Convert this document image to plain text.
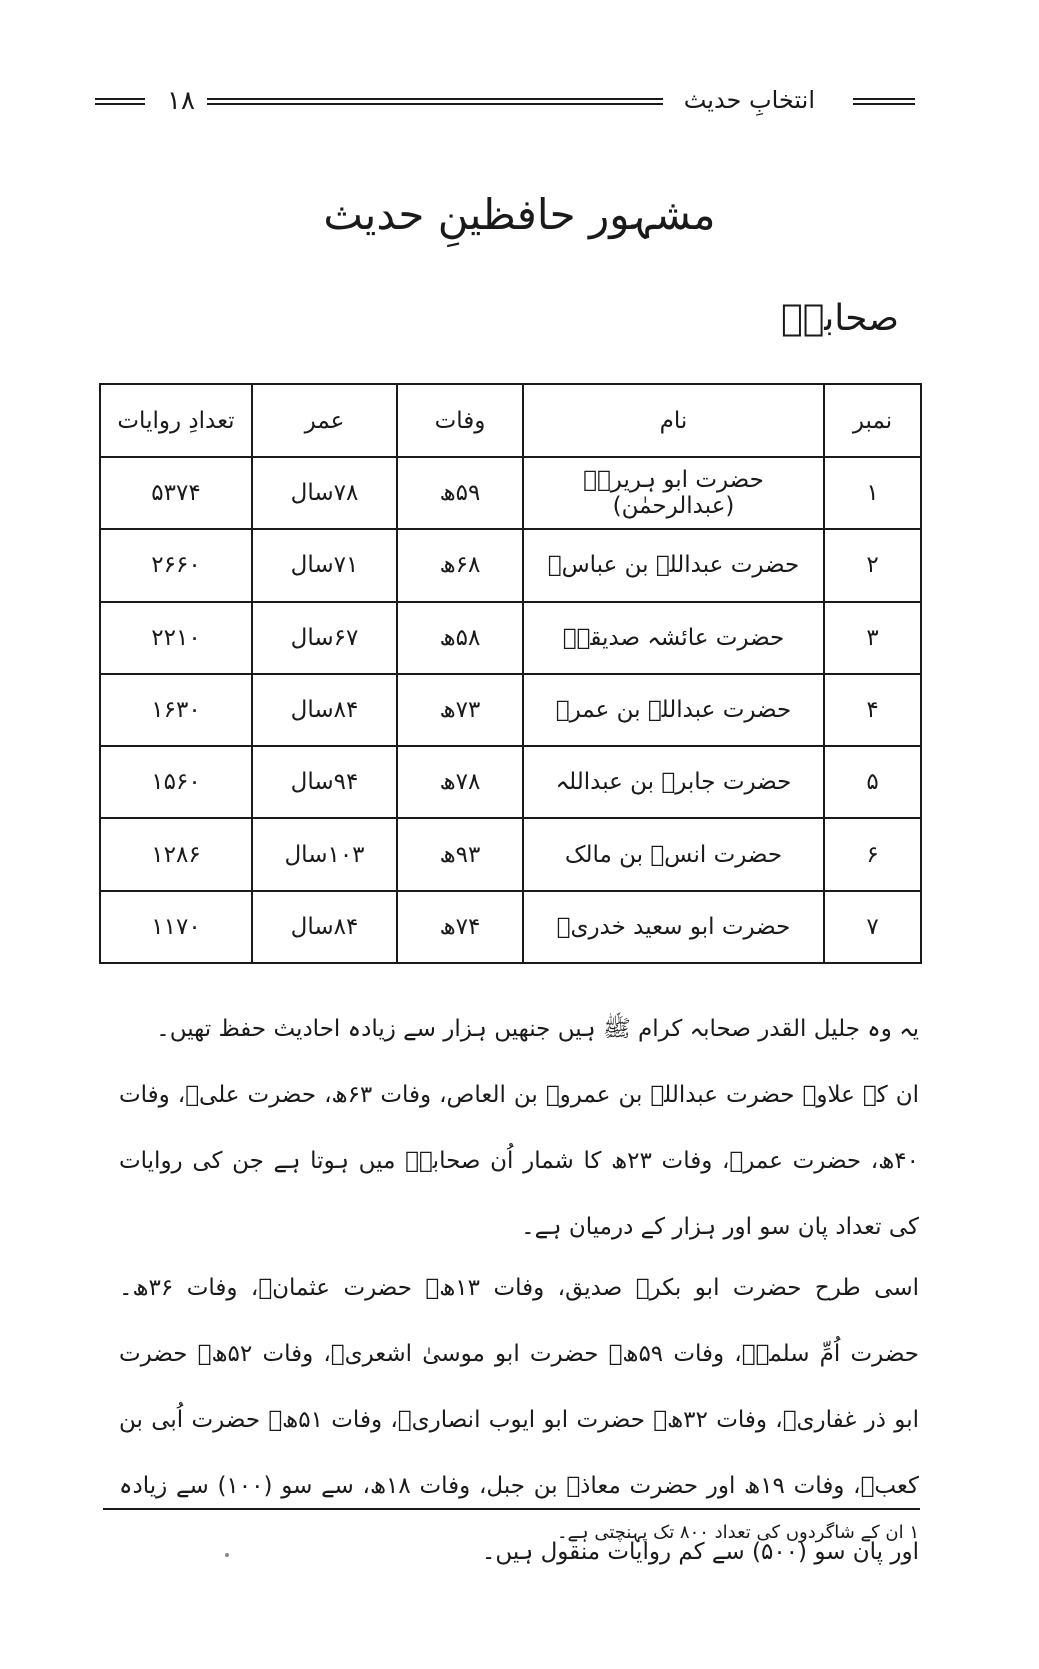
انتخابِ حدیث
۱۸
مشہور حافظینِ حدیث
صحابہؓ
نمبر	نام	وفات	عمر	تعدادِ روایات
۱	حضرت ابو ہریرہؓ (عبدالرحمٰن)	۵۹ھ	۷۸سال	۵۳۷۴
۲	حضرت عبداللہ بن عباسؓ	۶۸ھ	۷۱سال	۲۶۶۰
۳	حضرت عائشہ صدیقہؓ	۵۸ھ	۶۷سال	۲۲۱۰
۴	حضرت عبداللہ بن عمرؓ	۷۳ھ	۸۴سال	۱۶۳۰
۵	حضرت جابرؓ بن عبداللہ	۷۸ھ	۹۴سال	۱۵۶۰
۶	حضرت انسؓ بن مالک	۹۳ھ	۱۰۳سال	۱۲۸۶
۷	حضرت ابو سعید خدریؓ	۷۴ھ	۸۴سال	۱۱۷۰
یہ وہ جلیل القدر صحابہ کرام ﷺ ہیں جنھیں ہزار سے زیادہ احادیث حفظ تھیں۔
ان کے علاوہ حضرت عبداللہ بن عمروؓ بن العاص، وفات ۶۳ھ، حضرت علیؓ، وفات ۴۰ھ، حضرت عمرؓ، وفات ۲۳ھ کا شمار اُن صحابہؓ میں ہوتا ہے جن کی روایات کی تعداد پان سو اور ہزار کے درمیان ہے۔
اسی طرح حضرت ابو بکرؓ صدیق، وفات ۱۳ھ۔ حضرت عثمانؓ، وفات ۳۶ھ۔ حضرت اُمِّ سلمہؓ، وفات ۵۹ھ۔ حضرت ابو موسیٰ اشعریؓ، وفات ۵۲ھ۔ حضرت ابو ذر غفاریؓ، وفات ۳۲ھ۔ حضرت ابو ایوب انصاریؓ، وفات ۵۱ھ۔ حضرت اُبی بن کعبؓ، وفات ۱۹ھ اور حضرت معاذؓ بن جبل، وفات ۱۸ھ، سے سو (۱۰۰) سے زیادہ اور پان سو (۵۰۰) سے کم روایات منقول ہیں۔
۱ ان کے شاگردوں کی تعداد ۸۰۰ تک پہنچتی ہے۔
